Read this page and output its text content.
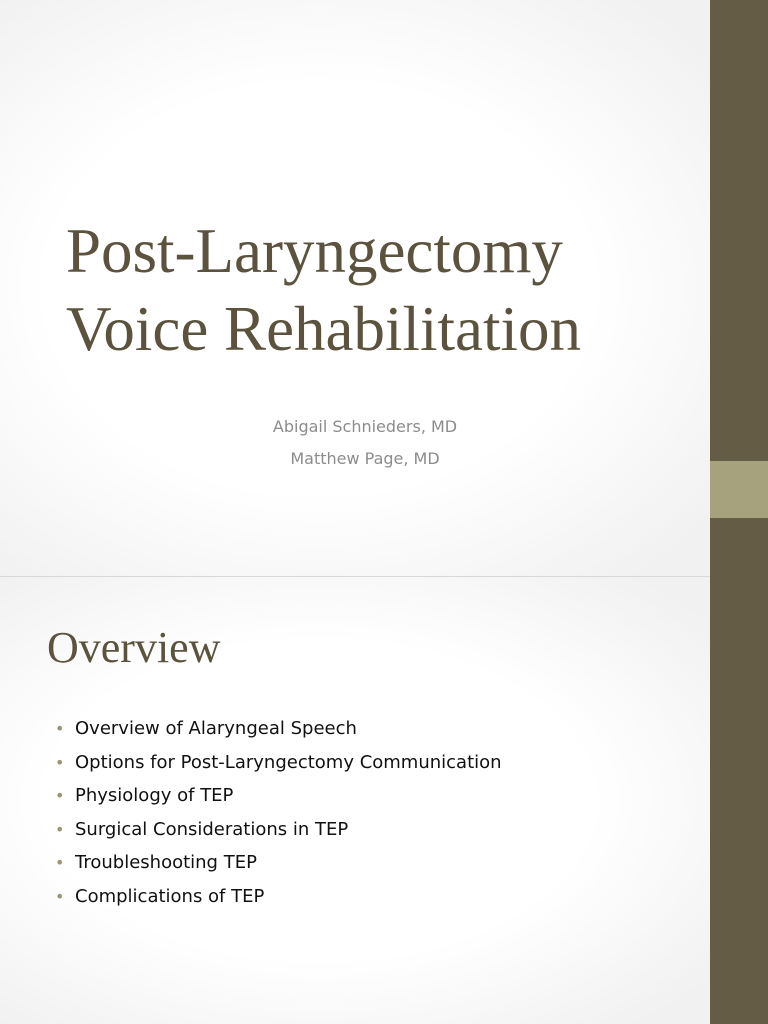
Post-Laryngectomy
Voice Rehabilitation
Abigail Schnieders, MD
Matthew Page, MD
Overview
• Overview of Alaryngeal Speech
• Options for Post-Laryngectomy Communication
• Physiology of TEP
• Surgical Considerations in TEP
• Troubleshooting TEP
• Complications of TEP
